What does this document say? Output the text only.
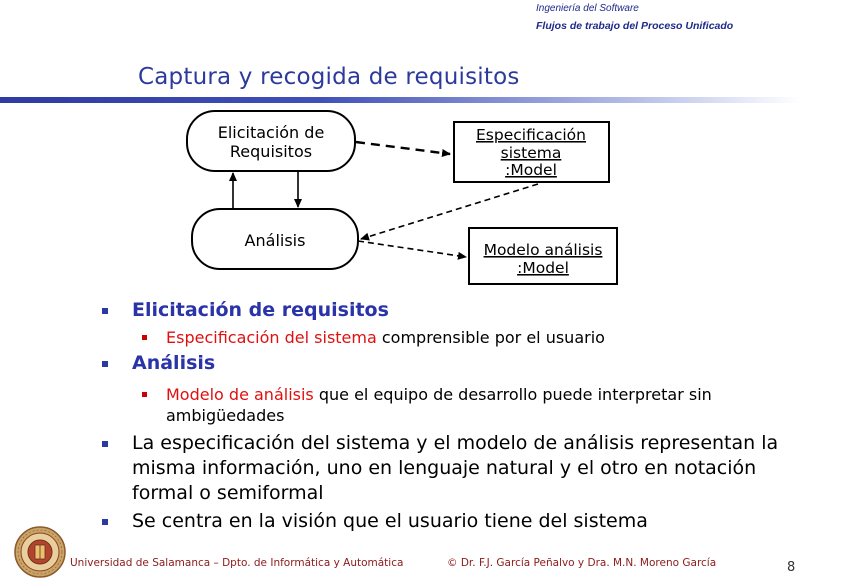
Ingeniería del Software
Flujos de trabajo del Proceso Unificado
Captura y recogida de requisitos
Elicitación de
Requisitos
Análisis
Especificación
sistema
:Model
Modelo análisis
:Model
Elicitación de requisitos
Especificación del sistema comprensible por el usuario
Análisis
Modelo de análisis que el equipo de desarrollo puede interpretar sin ambigüedades
La especificación del sistema y el modelo de análisis representan la misma información, uno en lenguaje natural y el otro en notación formal o semiformal
Se centra en la visión que el usuario tiene del sistema
Universidad de Salamanca – Dpto. de Informática y Automática	© Dr. F.J. García Peñalvo y Dra. M.N. Moreno García	8
